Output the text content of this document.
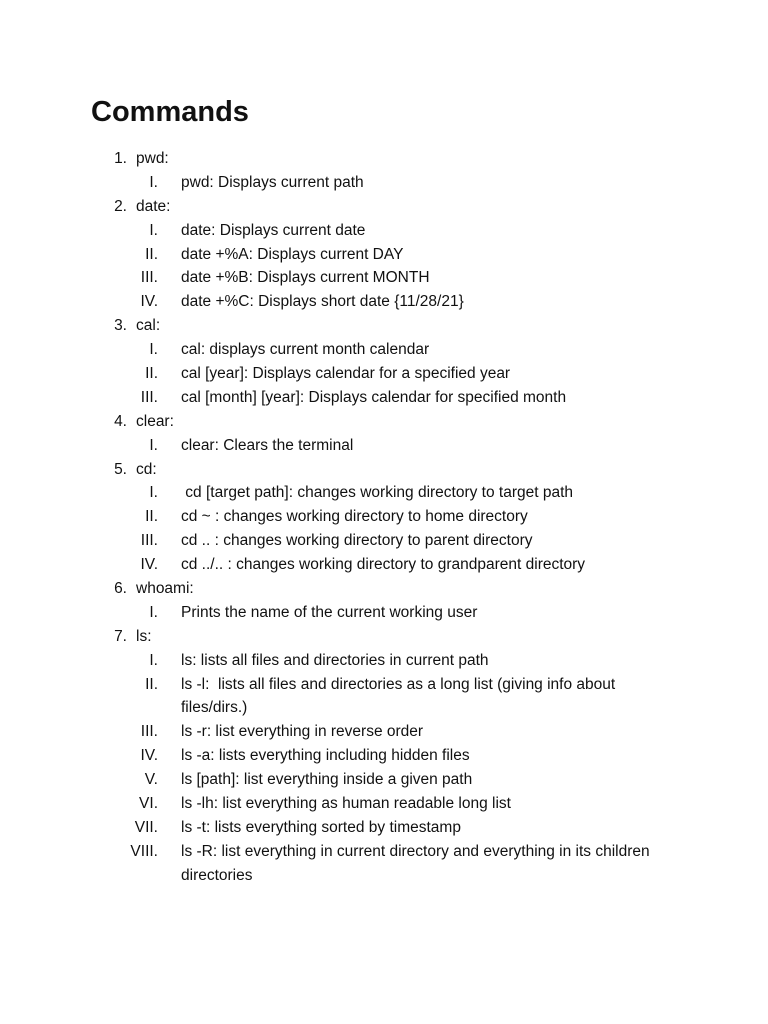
Commands
1. pwd:
I. pwd: Displays current path
2. date:
I. date: Displays current date
II. date +%A: Displays current DAY
III. date +%B: Displays current MONTH
IV. date +%C: Displays short date {11/28/21}
3. cal:
I. cal: displays current month calendar
II. cal [year]: Displays calendar for a specified year
III. cal [month] [year]: Displays calendar for specified month
4. clear:
I. clear: Clears the terminal
5. cd:
I. cd [target path]: changes working directory to target path
II. cd ~ : changes working directory to home directory
III. cd .. : changes working directory to parent directory
IV. cd ../.. : changes working directory to grandparent directory
6. whoami:
I. Prints the name of the current working user
7. ls:
I. ls: lists all files and directories in current path
II. ls -l:  lists all files and directories as a long list (giving info about
files/dirs.)
III. ls -r: list everything in reverse order
IV. ls -a: lists everything including hidden files
V. ls [path]: list everything inside a given path
VI. ls -lh: list everything as human readable long list
VII. ls -t: lists everything sorted by timestamp
VIII. ls -R: list everything in current directory and everything in its children
directories
